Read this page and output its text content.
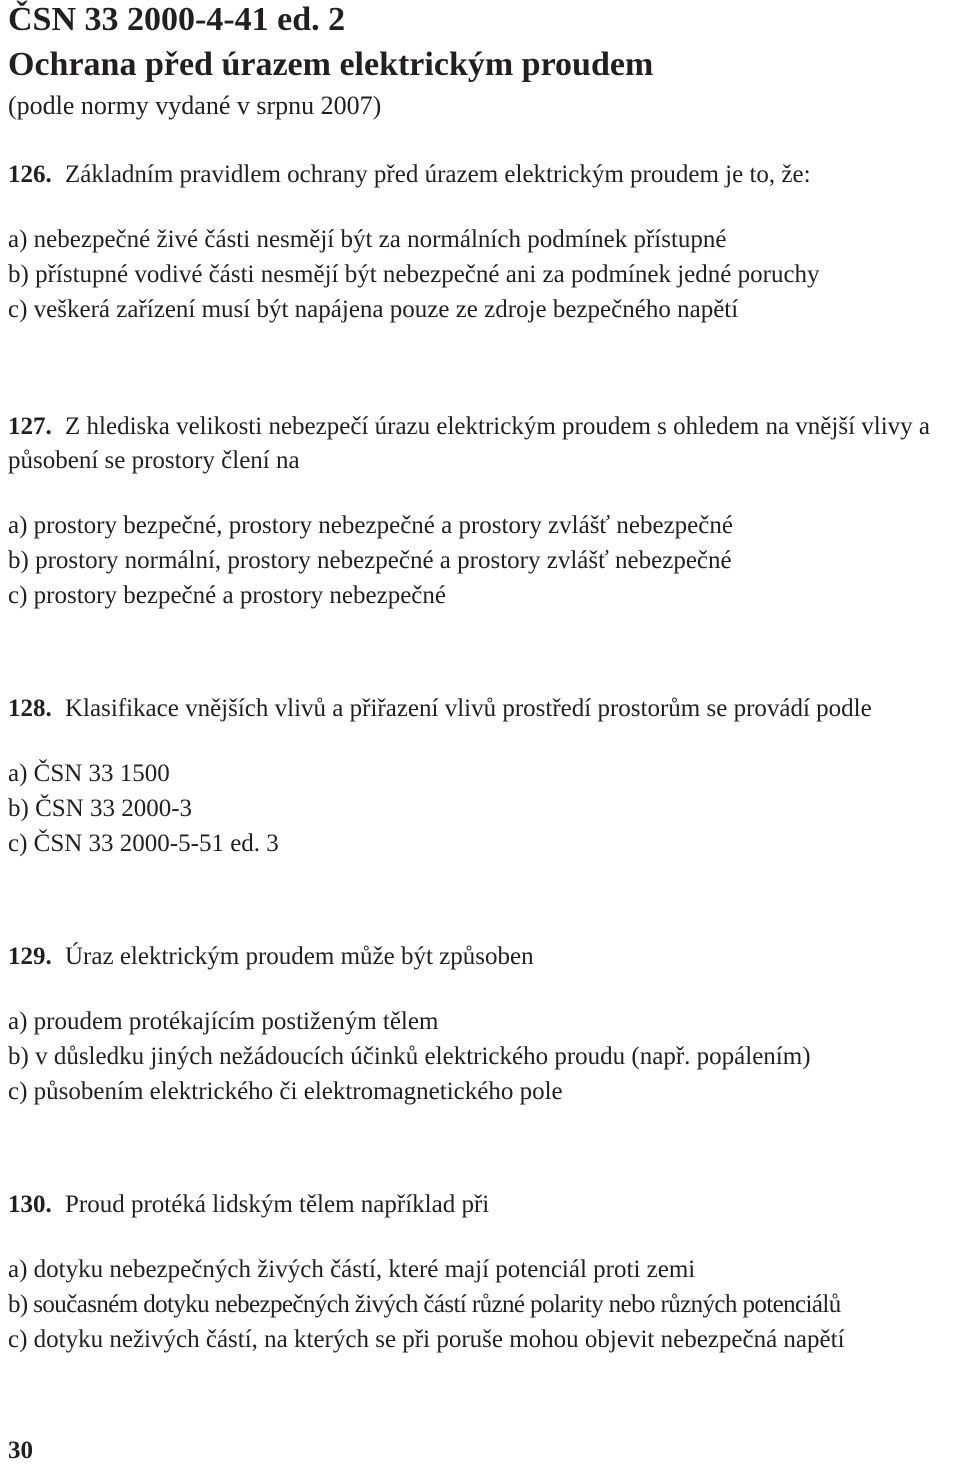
ČSN 33 2000-4-41 ed. 2
Ochrana před úrazem elektrickým proudem
(podle normy vydané v srpnu 2007)

126. Základním pravidlem ochrany před úrazem elektrickým proudem je to, že:

a) nebezpečné živé části nesmějí být za normálních podmínek přístupné
b) přístupné vodivé části nesmějí být nebezpečné ani za podmínek jedné poruchy
c) veškerá zařízení musí být napájena pouze ze zdroje bezpečného napětí

127. Z hlediska velikosti nebezpečí úrazu elektrickým proudem s ohledem na vnější vlivy a působení se prostory člení na

a) prostory bezpečné, prostory nebezpečné a prostory zvlášť nebezpečné
b) prostory normální, prostory nebezpečné a prostory zvlášť nebezpečné
c) prostory bezpečné a prostory nebezpečné

128. Klasifikace vnějších vlivů a přiřazení vlivů prostředí prostorům se provádí podle

a) ČSN 33 1500
b) ČSN 33 2000-3
c) ČSN 33 2000-5-51 ed. 3

129. Úraz elektrickým proudem může být způsoben

a) proudem protékajícím postiženým tělem
b) v důsledku jiných nežádoucích účinků elektrického proudu (např. popálením)
c) působením elektrického či elektromagnetického pole

130. Proud protéká lidským tělem například při

a) dotyku nebezpečných živých částí, které mají potenciál proti zemi
b) současném dotyku nebezpečných živých částí různé polarity nebo různých potenciálů
c) dotyku neživých částí, na kterých se při poruše mohou objevit nebezpečná napětí
30
